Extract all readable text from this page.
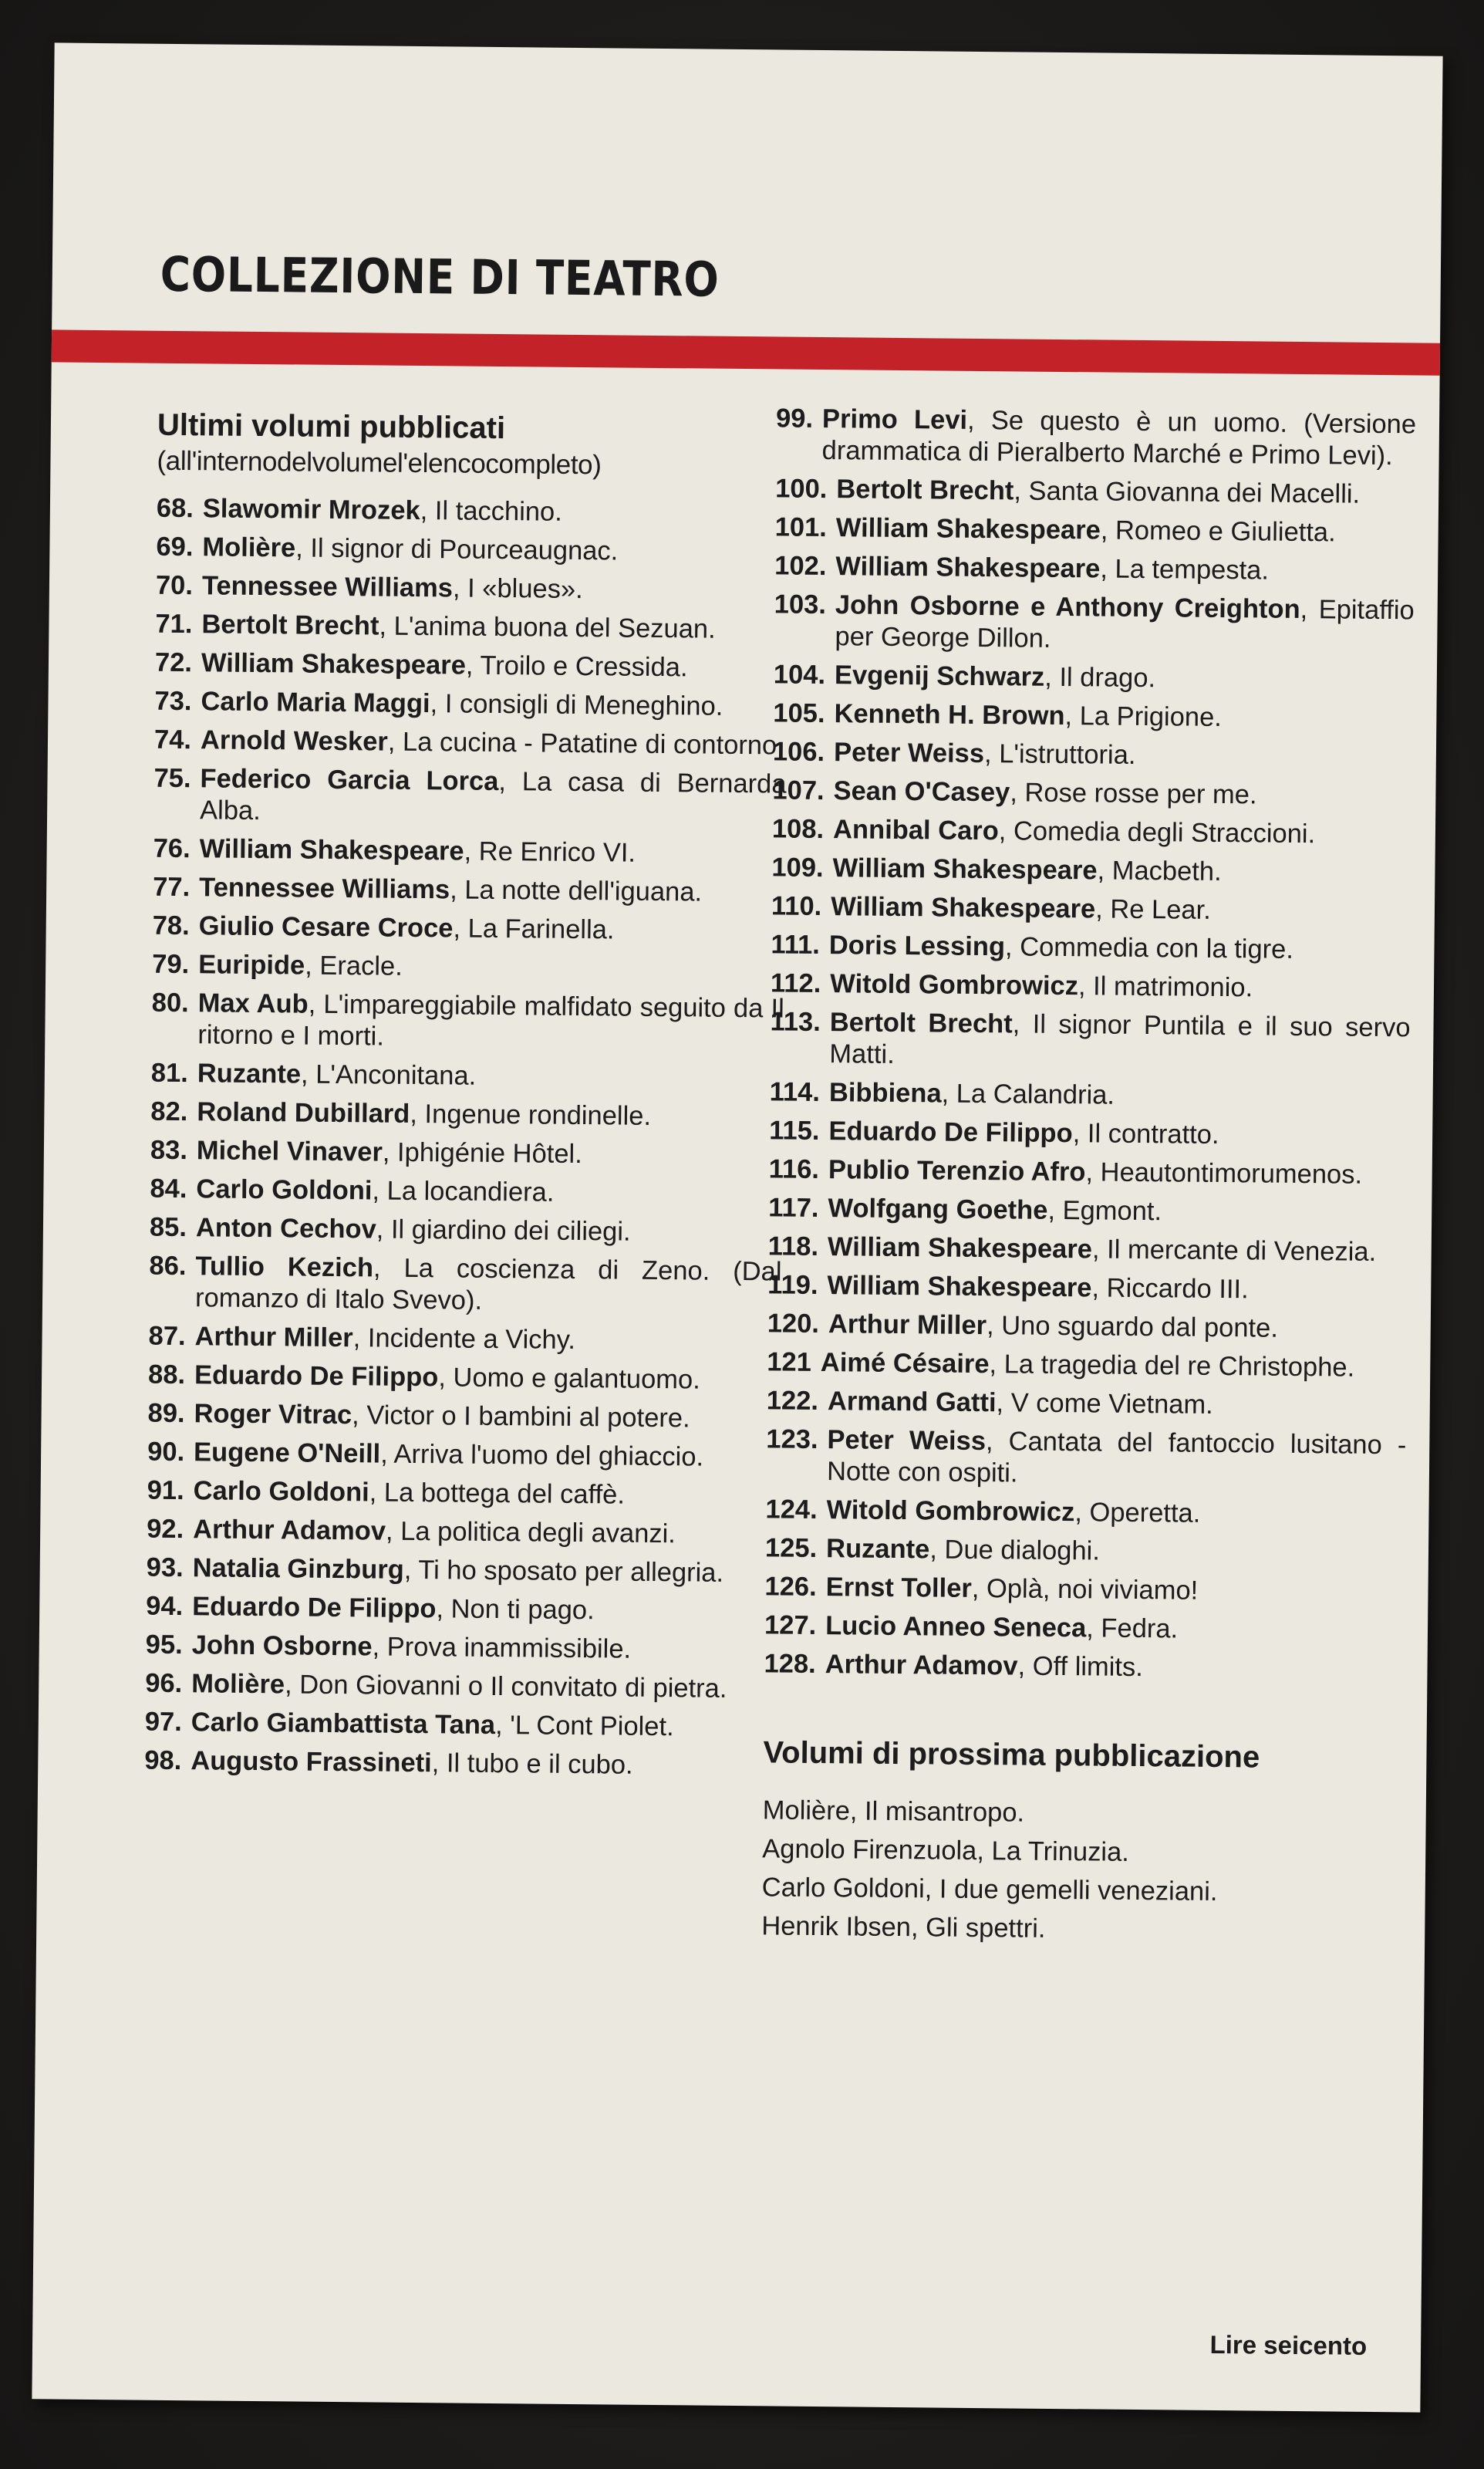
COLLEZIONE DI TEATRO
Ultimi volumi pubblicati
(all'internodelvolumel'elencocompleto)
68. Slawomir Mrozek, Il tacchino.
69. Molière, Il signor di Pourceaugnac.
70. Tennessee Williams, I «blues».
71. Bertolt Brecht, L'anima buona del Sezuan.
72. William Shakespeare, Troilo e Cressida.
73. Carlo Maria Maggi, I consigli di Meneghino.
74. Arnold Wesker, La cucina - Patatine di contorno.
75. Federico Garcia Lorca, La casa di Bernarda Alba.
76. William Shakespeare, Re Enrico VI.
77. Tennessee Williams, La notte dell'iguana.
78. Giulio Cesare Croce, La Farinella.
79. Euripide, Eracle.
80. Max Aub, L'impareggiabile malfidato seguito da Il ritorno e I morti.
81. Ruzante, L'Anconitana.
82. Roland Dubillard, Ingenue rondinelle.
83. Michel Vinaver, Iphigénie Hôtel.
84. Carlo Goldoni, La locandiera.
85. Anton Cechov, Il giardino dei ciliegi.
86. Tullio Kezich, La coscienza di Zeno. (Dal romanzo di Italo Svevo).
87. Arthur Miller, Incidente a Vichy.
88. Eduardo De Filippo, Uomo e galantuomo.
89. Roger Vitrac, Victor o I bambini al potere.
90. Eugene O'Neill, Arriva l'uomo del ghiaccio.
91. Carlo Goldoni, La bottega del caffè.
92. Arthur Adamov, La politica degli avanzi.
93. Natalia Ginzburg, Ti ho sposato per allegria.
94. Eduardo De Filippo, Non ti pago.
95. John Osborne, Prova inammissibile.
96. Molière, Don Giovanni o Il convitato di pietra.
97. Carlo Giambattista Tana, 'L Cont Piolet.
98. Augusto Frassineti, Il tubo e il cubo.
99. Primo Levi, Se questo è un uomo. (Versione drammatica di Pieralberto Marché e Primo Levi).
100. Bertolt Brecht, Santa Giovanna dei Macelli.
101. William Shakespeare, Romeo e Giulietta.
102. William Shakespeare, La tempesta.
103. John Osborne e Anthony Creighton, Epitaffio per George Dillon.
104. Evgenij Schwarz, Il drago.
105. Kenneth H. Brown, La Prigione.
106. Peter Weiss, L'istruttoria.
107. Sean O'Casey, Rose rosse per me.
108. Annibal Caro, Comedia degli Straccioni.
109. William Shakespeare, Macbeth.
110. William Shakespeare, Re Lear.
111. Doris Lessing, Commedia con la tigre.
112. Witold Gombrowicz, Il matrimonio.
113. Bertolt Brecht, Il signor Puntila e il suo servo Matti.
114. Bibbiena, La Calandria.
115. Eduardo De Filippo, Il contratto.
116. Publio Terenzio Afro, Heautontimorumenos.
117. Wolfgang Goethe, Egmont.
118. William Shakespeare, Il mercante di Venezia.
119. William Shakespeare, Riccardo III.
120. Arthur Miller, Uno sguardo dal ponte.
121 Aimé Césaire, La tragedia del re Christophe.
122. Armand Gatti, V come Vietnam.
123. Peter Weiss, Cantata del fantoccio lusitano - Notte con ospiti.
124. Witold Gombrowicz, Operetta.
125. Ruzante, Due dialoghi.
126. Ernst Toller, Oplà, noi viviamo!
127. Lucio Anneo Seneca, Fedra.
128. Arthur Adamov, Off limits.
Volumi di prossima pubblicazione
Molière, Il misantropo.
Agnolo Firenzuola, La Trinuzia.
Carlo Goldoni, I due gemelli veneziani.
Henrik Ibsen, Gli spettri.
Lire seicento
